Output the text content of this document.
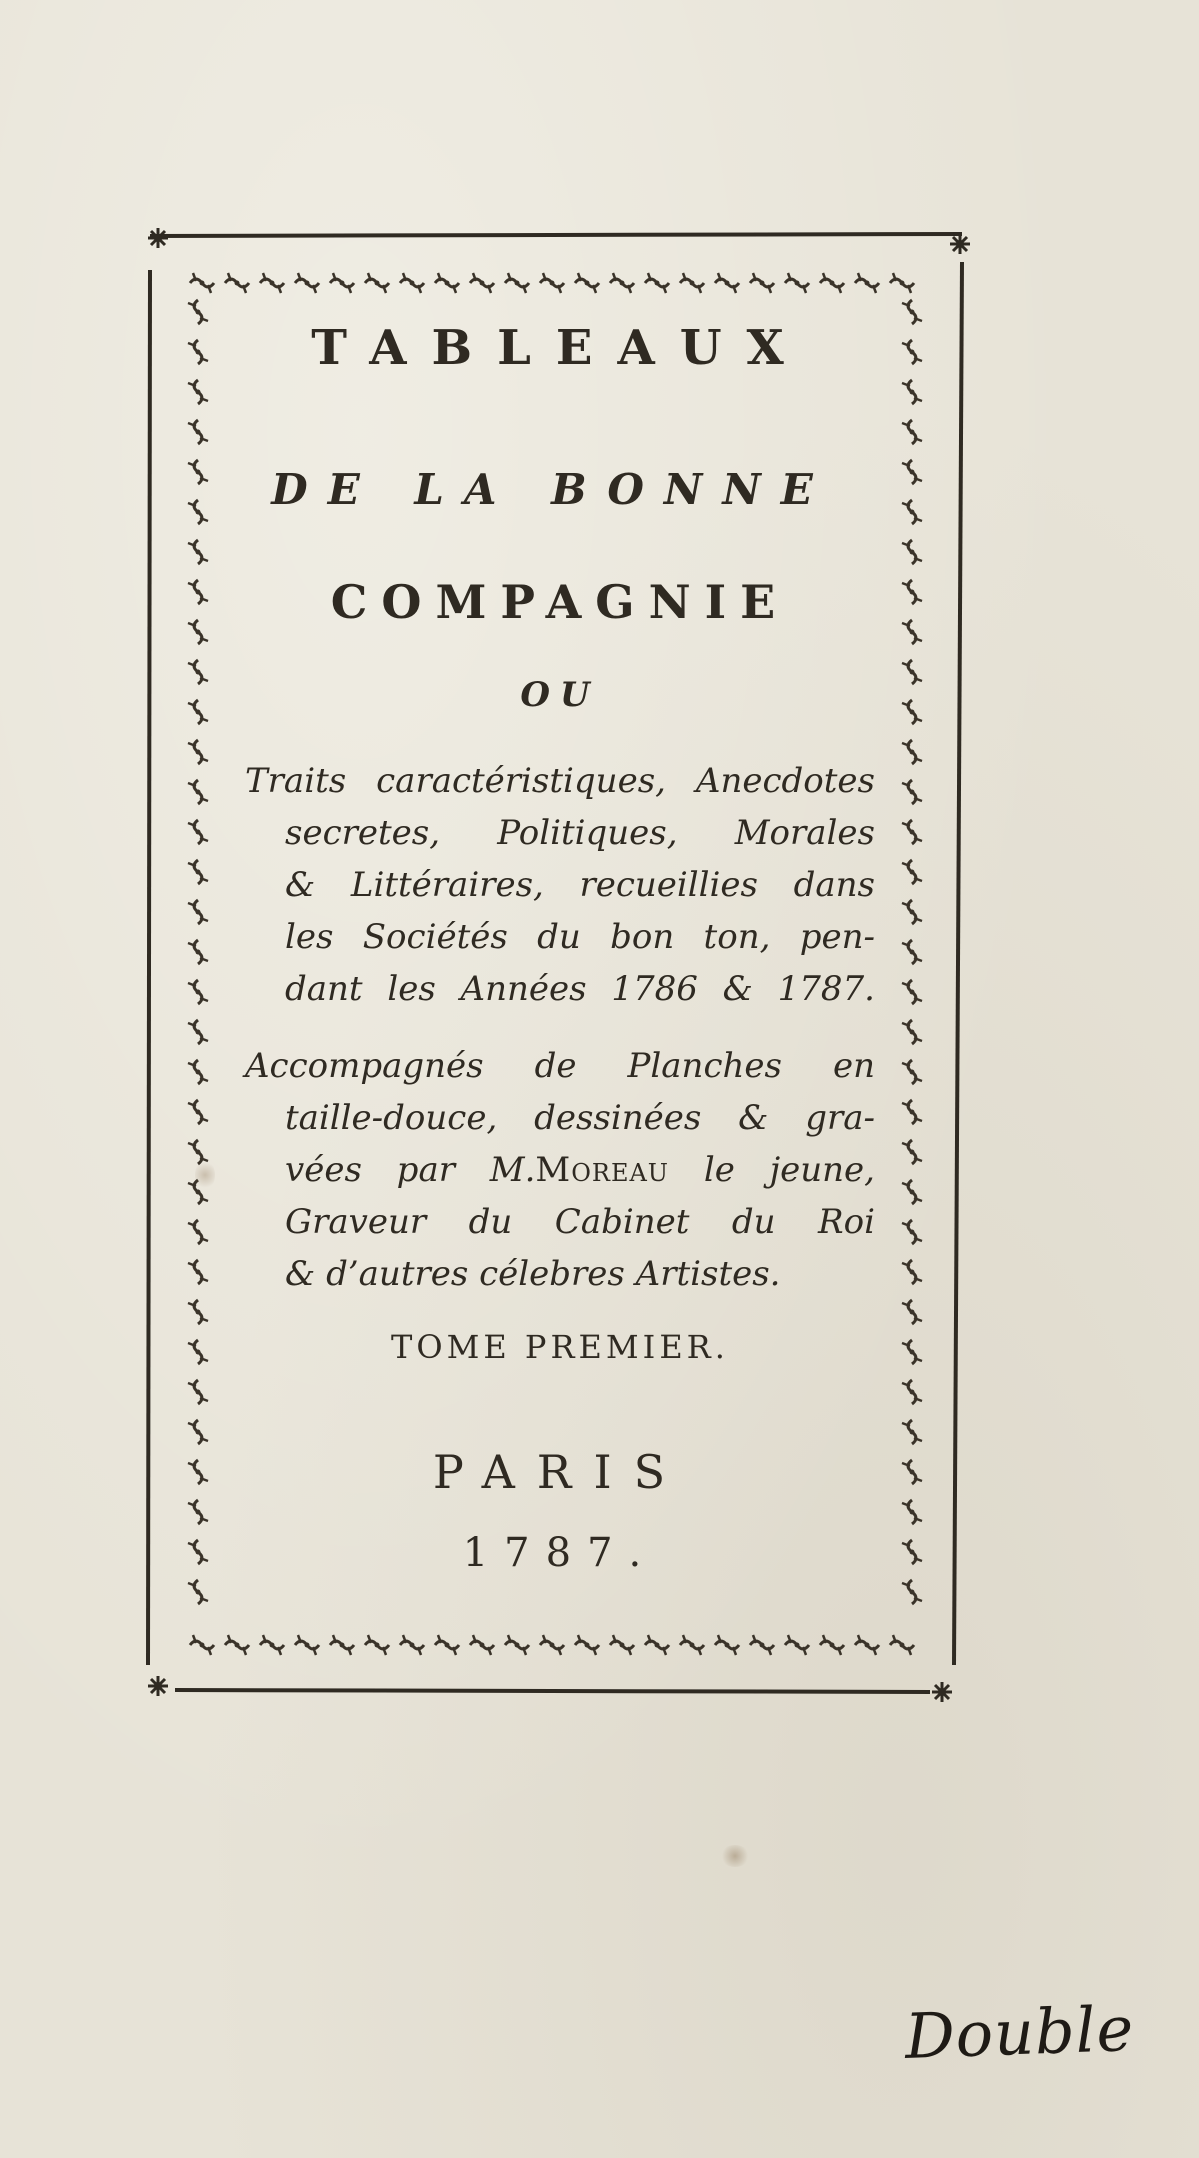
TABLEAUX
DE LA BONNE
COMPAGNIE
OU
Traits caractéristiques, Anecdotes
secretes, Politiques, Morales
& Littéraires, recueillies dans
les Sociétés du bon ton, pen-
dant les Années 1786 & 1787.
Accompagnés de Planches en
taille-douce, dessinées & gra-
vées par M.Moreau le jeune,
Graveur du Cabinet du Roi
& d’autres célebres Artistes.
TOME PREMIER.
PARIS
1787.
Double
